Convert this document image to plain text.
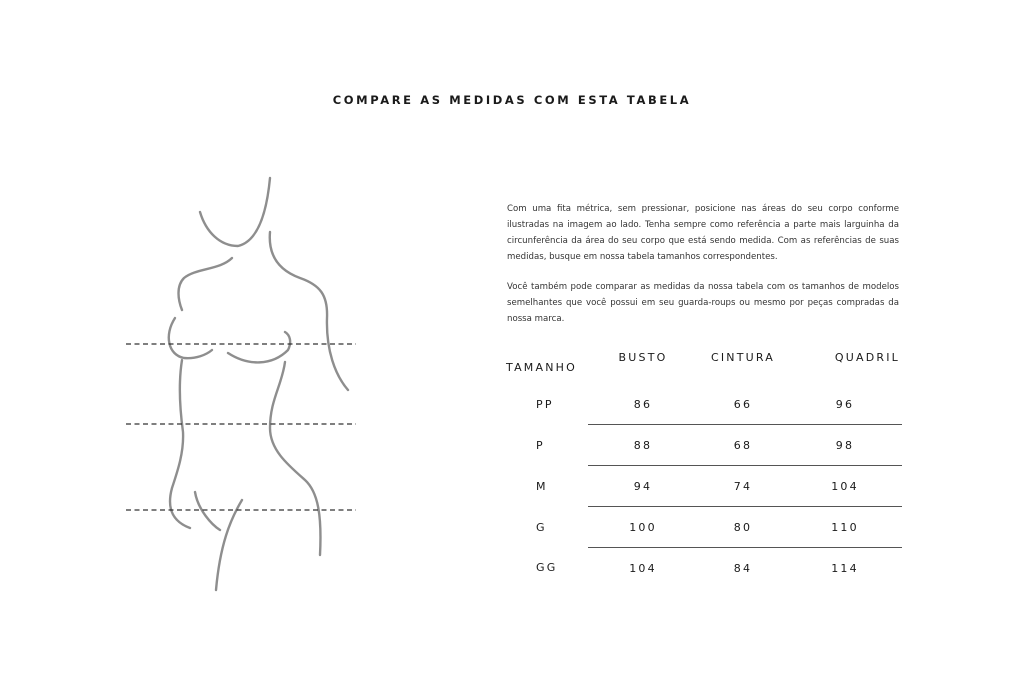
COMPARE AS MEDIDAS COM ESTA TABELA

Com uma fita métrica, sem pressionar, posicione nas áreas do seu corpo conforme ilustradas na imagem ao lado. Tenha sempre como referência a parte mais larguinha da circunferência da área do seu corpo que está sendo medida. Com as referências de suas medidas, busque em nossa tabela tamanhos correspondentes.

Você também pode comparar as medidas da nossa tabela com os tamanhos de modelos semelhantes que você possui em seu guarda-roups ou mesmo por peças compradas da nossa marca.

TAMANHO	BUSTO	CINTURA	QUADRIL
PP	86	66	96
P	88	68	98
M	94	74	104
G	100	80	110
GG	104	84	114
